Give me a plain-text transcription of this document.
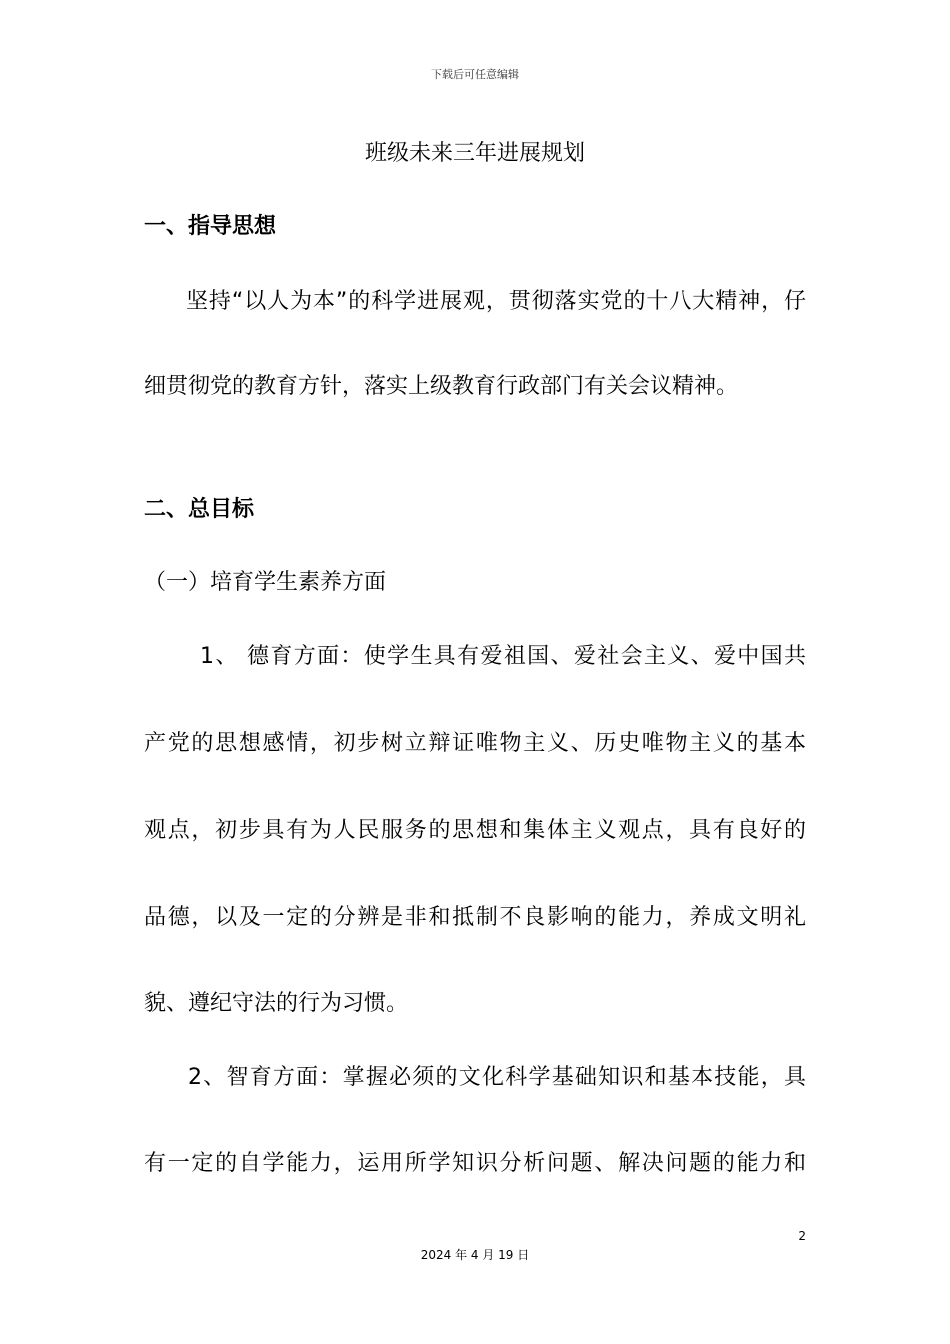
下载后可任意编辑
班级未来三年进展规划
一、指导思想
坚持“以人为本”的科学进展观，贯彻落实党的十八大精神，仔
细贯彻党的教育方针，落实上级教育行政部门有关会议精神。
二、总目标
（一）培育学生素养方面
1、 德育方面：使学生具有爱祖国、爱社会主义、爱中国共
产党的思想感情，初步树立辩证唯物主义、历史唯物主义的基本
观点，初步具有为人民服务的思想和集体主义观点，具有良好的
品德，以及一定的分辨是非和抵制不良影响的能力，养成文明礼
貌、遵纪守法的行为习惯。
2、智育方面：掌握必须的文化科学基础知识和基本技能，具
有一定的自学能力，运用所学知识分析问题、解决问题的能力和
2
2024 年 4 月 19 日
